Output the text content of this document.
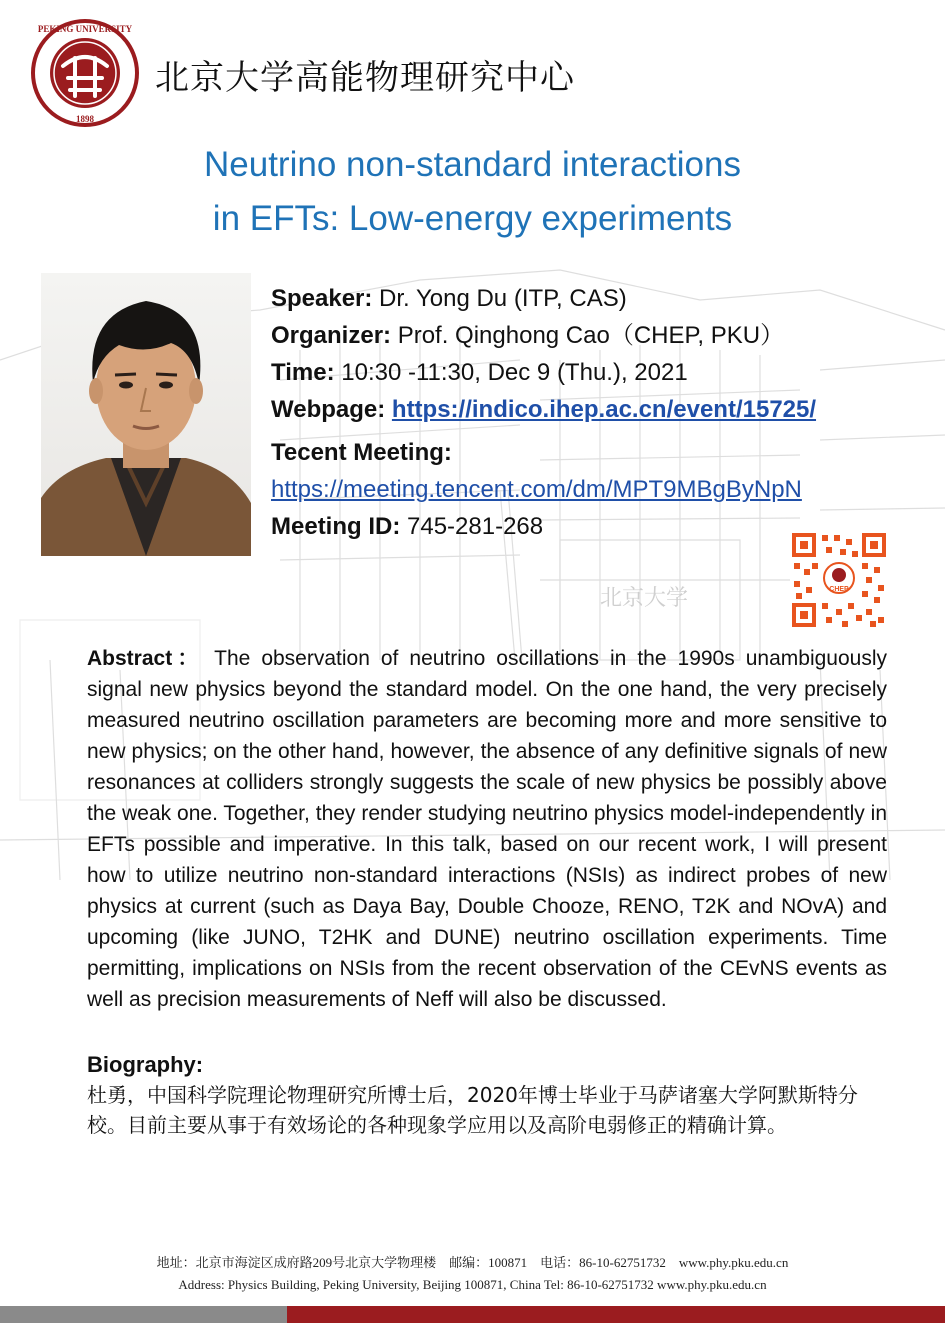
北京大学
PEKING UNIVERSITY
1898
北京大学高能物理研究中心
Neutrino non-standard interactions
in EFTs: Low-energy experiments
Speaker: Dr. Yong Du (ITP, CAS)
Organizer: Prof. Qinghong Cao（CHEP, PKU）
Time: 10:30 -11:30, Dec 9 (Thu.), 2021
Webpage: https://indico.ihep.ac.cn/event/15725/
Tecent Meeting:
https://meeting.tencent.com/dm/MPT9MBgByNpN
Meeting ID: 745-281-268
CHEP
Abstract： The observation of neutrino oscillations in the 1990s unambiguously signal new physics beyond the standard model. On the one hand, the very precisely measured neutrino oscillation parameters are becoming more and more sensitive to new physics; on the other hand, however, the absence of any definitive signals of new resonances at colliders strongly suggests the scale of new physics be possibly above the weak one. Together, they render studying neutrino physics model-independently in EFTs possible and imperative. In this talk, based on our recent work, I will present how to utilize neutrino non-standard interactions (NSIs) as indirect probes of new physics at current (such as Daya Bay, Double Chooze, RENO, T2K and NOvA) and upcoming (like JUNO, T2HK and DUNE) neutrino oscillation experiments. Time permitting, implications on NSIs from the recent observation of the CEvNS events as well as precision measurements of Neff will also be discussed.
Biography:
杜勇，中国科学院理论物理研究所博士后，2020年博士毕业于马萨诸塞大学阿默斯特分校。目前主要从事于有效场论的各种现象学应用以及高阶电弱修正的精确计算。
地址：北京市海淀区成府路209号北京大学物理楼　邮编：100871　电话：86-10-62751732　www.phy.pku.edu.cn
Address: Physics Building, Peking University, Beijing 100871, China Tel: 86-10-62751732 www.phy.pku.edu.cn
